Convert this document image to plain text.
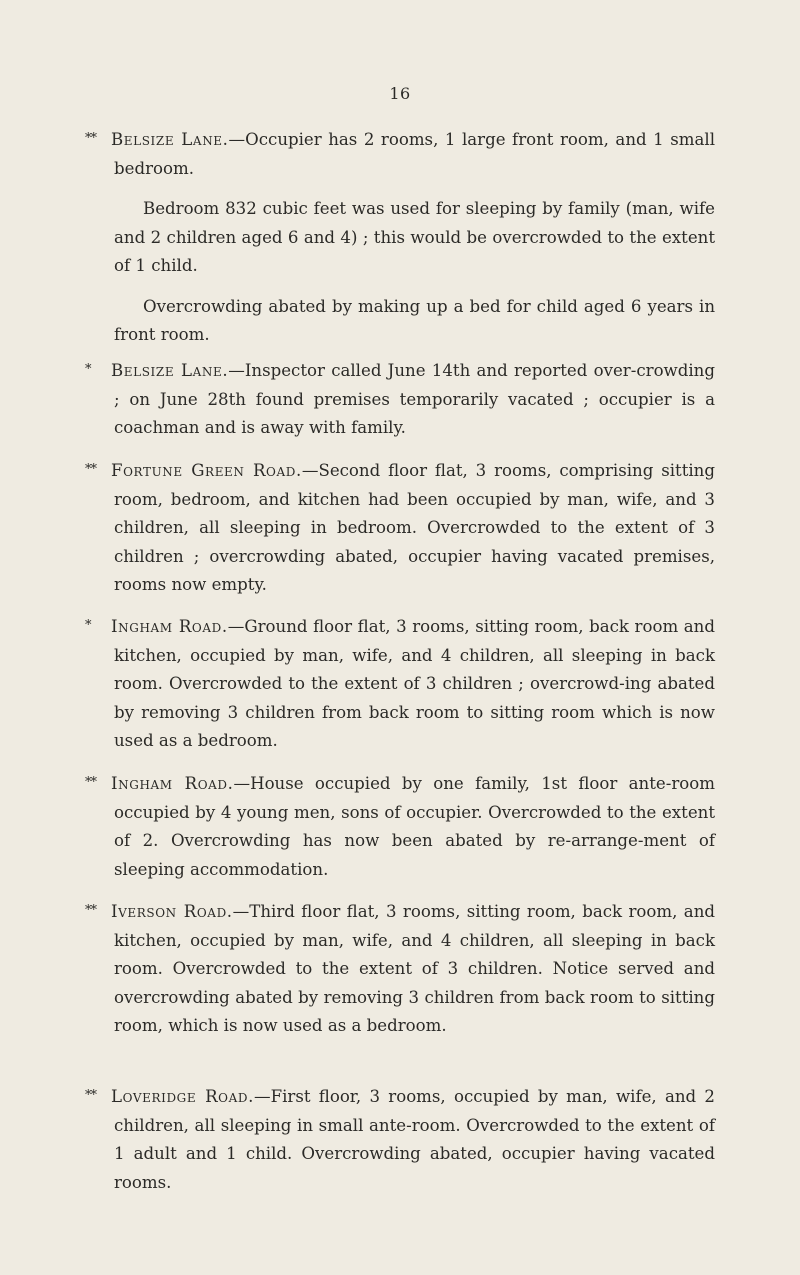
16

** Belsize Lane.—Occupier has 2 rooms, 1 large front room, and 1 small bedroom.

Bedroom 832 cubic feet was used for sleeping by family (man, wife and 2 children aged 6 and 4) ; this would be overcrowded to the extent of 1 child.

Overcrowding abated by making up a bed for child aged 6 years in front room.

* Belsize Lane.—Inspector called June 14th and reported over-crowding ; on June 28th found premises temporarily vacated ; occupier is a coachman and is away with family.

** Fortune Green Road.—Second floor flat, 3 rooms, comprising sitting room, bedroom, and kitchen had been occupied by man, wife, and 3 children, all sleeping in bedroom. Overcrowded to the extent of 3 children ; overcrowding abated, occupier having vacated premises, rooms now empty.

* Ingham Road.—Ground floor flat, 3 rooms, sitting room, back room and kitchen, occupied by man, wife, and 4 children, all sleeping in back room. Overcrowded to the extent of 3 children ; overcrowd-ing abated by removing 3 children from back room to sitting room which is now used as a bedroom.

** Ingham Road.—House occupied by one family, 1st floor ante-room occupied by 4 young men, sons of occupier. Overcrowded to the extent of 2. Overcrowding has now been abated by re-arrange-ment of sleeping accommodation.

** Iverson Road.—Third floor flat, 3 rooms, sitting room, back room, and kitchen, occupied by man, wife, and 4 children, all sleeping in back room. Overcrowded to the extent of 3 children. Notice served and overcrowding abated by removing 3 children from back room to sitting room, which is now used as a bedroom.

** Loveridge Road.—First floor, 3 rooms, occupied by man, wife, and 2 children, all sleeping in small ante-room. Overcrowded to the extent of 1 adult and 1 child. Overcrowding abated, occupier having vacated rooms.
